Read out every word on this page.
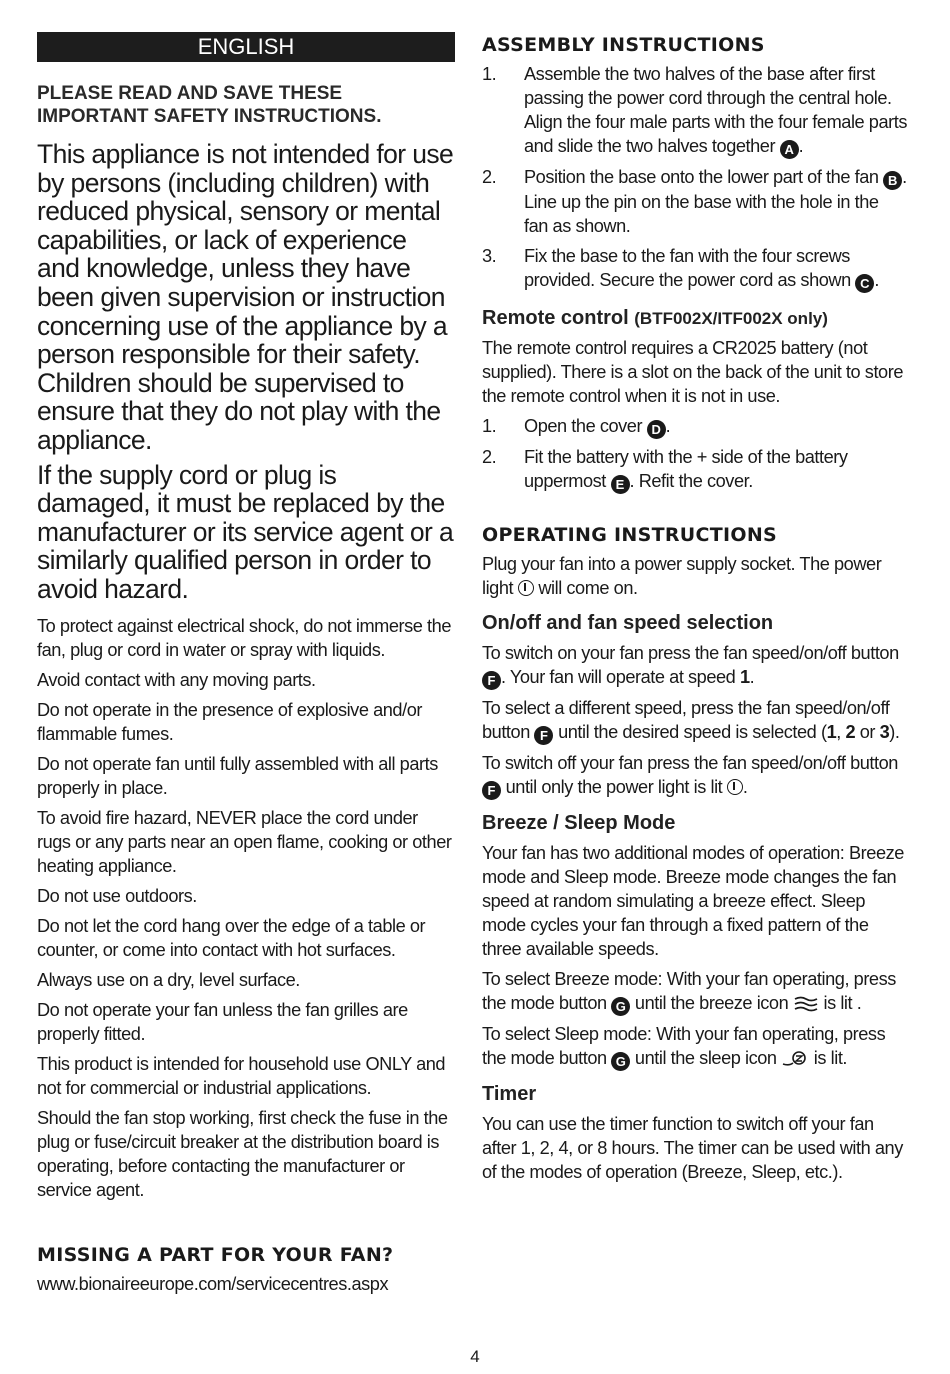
ENGLISH
PLEASE READ AND SAVE THESE IMPORTANT SAFETY INSTRUCTIONS.
This appliance is not intended for use by persons (including children) with reduced physical, sensory or mental capabilities, or lack of experience and knowledge, unless they have been given supervision or instruction concerning use of the appliance by a person responsible for their safety. Children should be supervised to ensure that they do not play with the appliance.
If the supply cord or plug is damaged, it must be replaced by the manufacturer or its service agent or a similarly qualified person in order to avoid hazard.
To protect against electrical shock, do not immerse the fan, plug or cord in water or spray with liquids.
Avoid contact with any moving parts.
Do not operate in the presence of explosive and/or flammable fumes.
Do not operate fan until fully assembled with all parts properly in place.
To avoid fire hazard, NEVER place the cord under rugs or any parts near an open flame, cooking or other heating appliance.
Do not use outdoors.
Do not let the cord hang over the edge of a table or counter, or come into contact with hot surfaces.
Always use on a dry, level surface.
Do not operate your fan unless the fan grilles are properly fitted.
This product is intended for household use ONLY and not for commercial or industrial applications.
Should the fan stop working, first check the fuse in the plug or fuse/circuit breaker at the distribution board is operating, before contacting the manufacturer or service agent.
MISSING A PART FOR YOUR FAN?
www.bionaireeurope.com/servicecentres.aspx
ASSEMBLY INSTRUCTIONS
1. Assemble the two halves of the base after first passing the power cord through the central hole. Align the four male parts with the four female parts and slide the two halves together A .
2. Position the base onto the lower part of the fan B . Line up the pin on the base with the hole in the fan as shown.
3. Fix the base to the fan with the four screws provided. Secure the power cord as shown C .
Remote control (BTF002X/ITF002X only)
The remote control requires a CR2025 battery (not supplied). There is a slot on the back of the unit to store the remote control when it is not in use.
1. Open the cover D .
2. Fit the battery with the + side of the battery uppermost E . Refit the cover.
OPERATING INSTRUCTIONS
Plug your fan into a power supply socket. The power light will come on.
On/off and fan speed selection
To switch on your fan press the fan speed/on/off button F . Your fan will operate at speed 1.
To select a different speed, press the fan speed/on/off button F until the desired speed is selected (1, 2 or 3).
To switch off your fan press the fan speed/on/off button F until only the power light is lit .
Breeze / Sleep Mode
Your fan has two additional modes of operation: Breeze mode and Sleep mode. Breeze mode changes the fan speed at random simulating a breeze effect. Sleep mode cycles your fan through a fixed pattern of the three available speeds.
To select Breeze mode: With your fan operating, press the mode button G until the breeze icon is lit .
To select Sleep mode: With your fan operating, press the mode button G until the sleep icon is lit.
Timer
You can use the timer function to switch off your fan after 1, 2, 4, or 8 hours. The timer can be used with any of the modes of operation (Breeze, Sleep, etc.).
4
